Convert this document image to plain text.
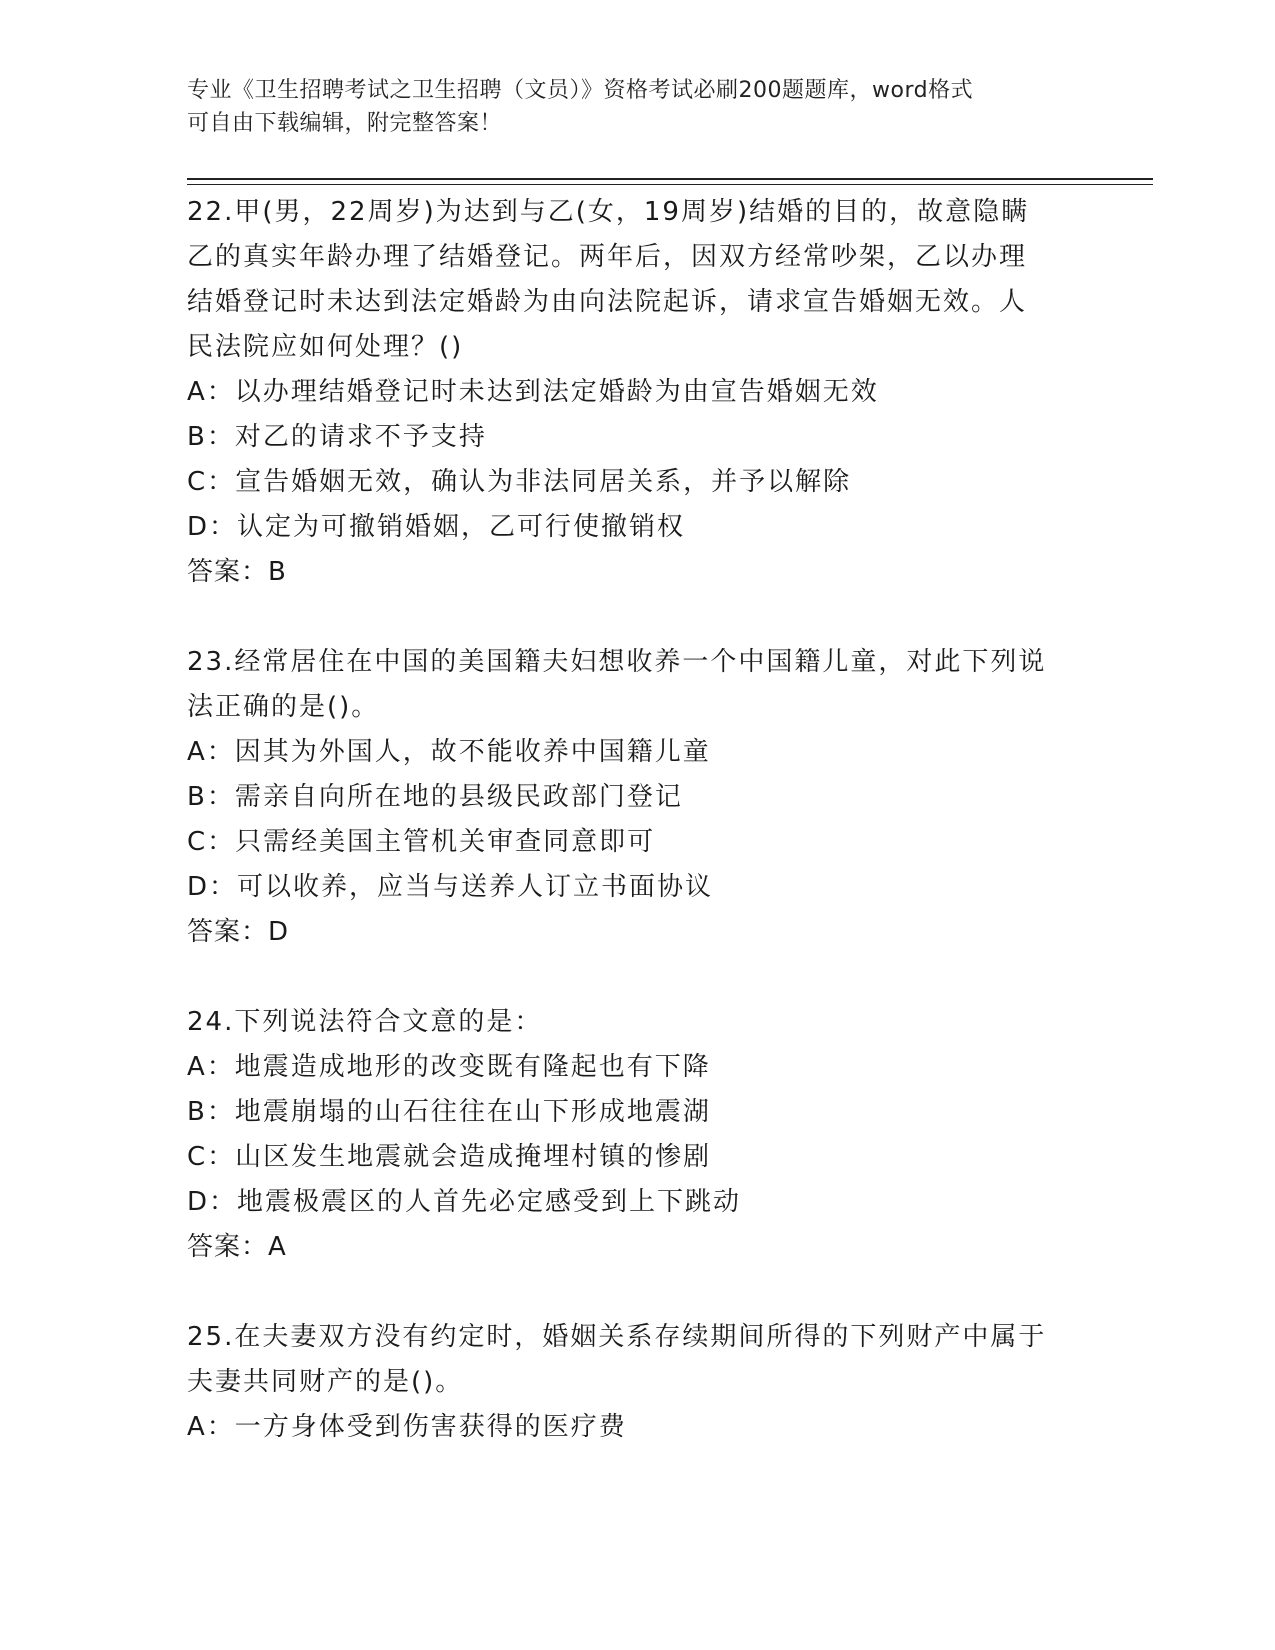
专业《卫生招聘考试之卫生招聘（文员）》资格考试必刷200题题库，word格式
可自由下载编辑，附完整答案！

22.甲(男，22周岁)为达到与乙(女，19周岁)结婚的目的，故意隐瞒

乙的真实年龄办理了结婚登记。两年后，因双方经常吵架，乙以办理

结婚登记时未达到法定婚龄为由向法院起诉，请求宣告婚姻无效。人

民法院应如何处理？()

A：以办理结婚登记时未达到法定婚龄为由宣告婚姻无效

B：对乙的请求不予支持

C：宣告婚姻无效，确认为非法同居关系，并予以解除

D：认定为可撤销婚姻，乙可行使撤销权

答案：B

23.经常居住在中国的美国籍夫妇想收养一个中国籍儿童，对此下列说

法正确的是()。

A：因其为外国人，故不能收养中国籍儿童

B：需亲自向所在地的县级民政部门登记

C：只需经美国主管机关审查同意即可

D：可以收养，应当与送养人订立书面协议

答案：D

24.下列说法符合文意的是：

A：地震造成地形的改变既有隆起也有下降

B：地震崩塌的山石往往在山下形成地震湖

C：山区发生地震就会造成掩埋村镇的惨剧

D：地震极震区的人首先必定感受到上下跳动

答案：A

25.在夫妻双方没有约定时，婚姻关系存续期间所得的下列财产中属于

夫妻共同财产的是()。

A：一方身体受到伤害获得的医疗费
